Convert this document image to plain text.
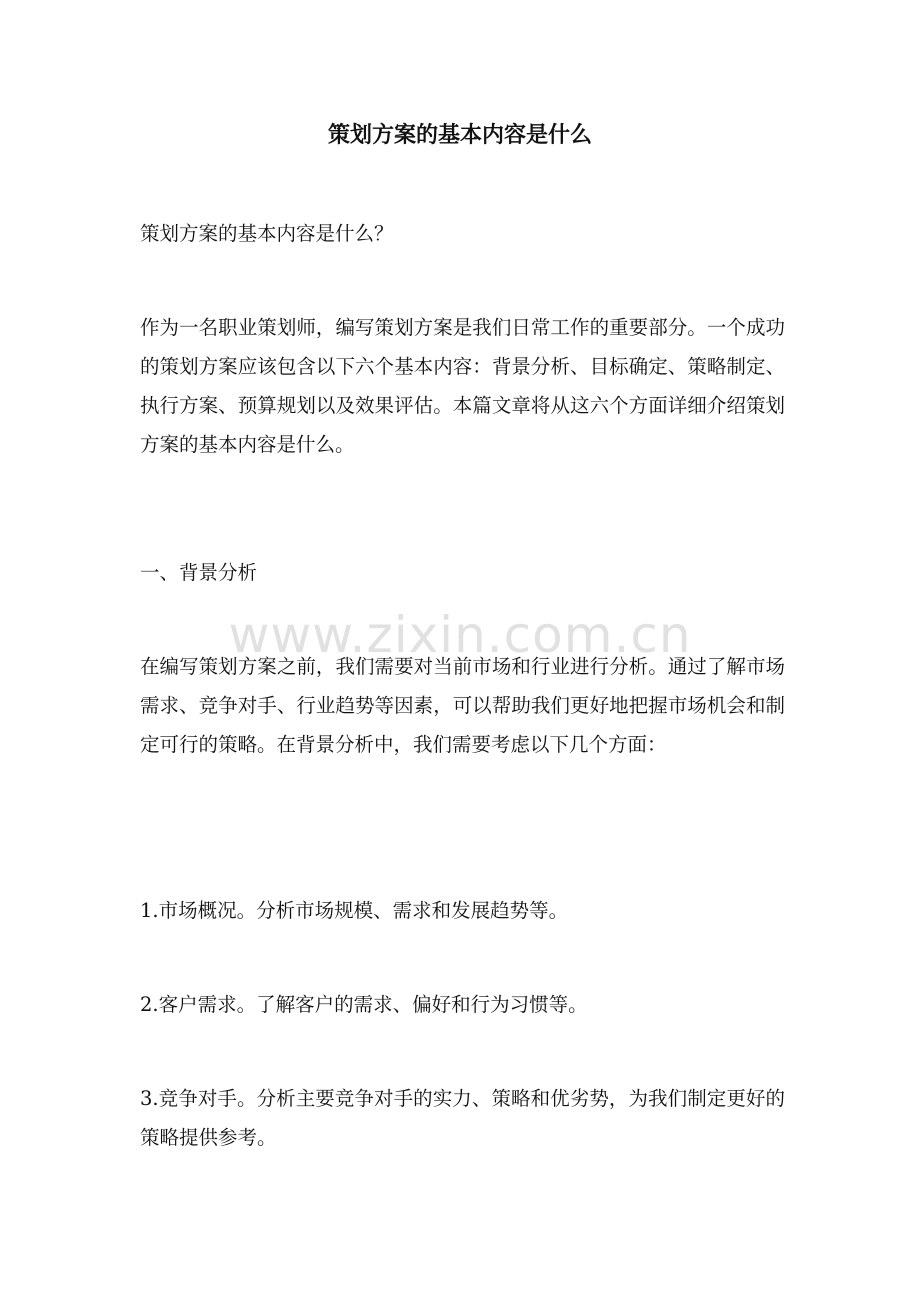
策划方案的基本内容是什么
策划方案的基本内容是什么？
作为一名职业策划师，编写策划方案是我们日常工作的重要部分。一个成功的策划方案应该包含以下六个基本内容：背景分析、目标确定、策略制定、执行方案、预算规划以及效果评估。本篇文章将从这六个方面详细介绍策划方案的基本内容是什么。
一、背景分析
在编写策划方案之前，我们需要对当前市场和行业进行分析。通过了解市场需求、竞争对手、行业趋势等因素，可以帮助我们更好地把握市场机会和制定可行的策略。在背景分析中，我们需要考虑以下几个方面：
1.市场概况。分析市场规模、需求和发展趋势等。
2.客户需求。了解客户的需求、偏好和行为习惯等。
3.竞争对手。分析主要竞争对手的实力、策略和优劣势，为我们制定更好的策略提供参考。
www.zixin.com.cn
